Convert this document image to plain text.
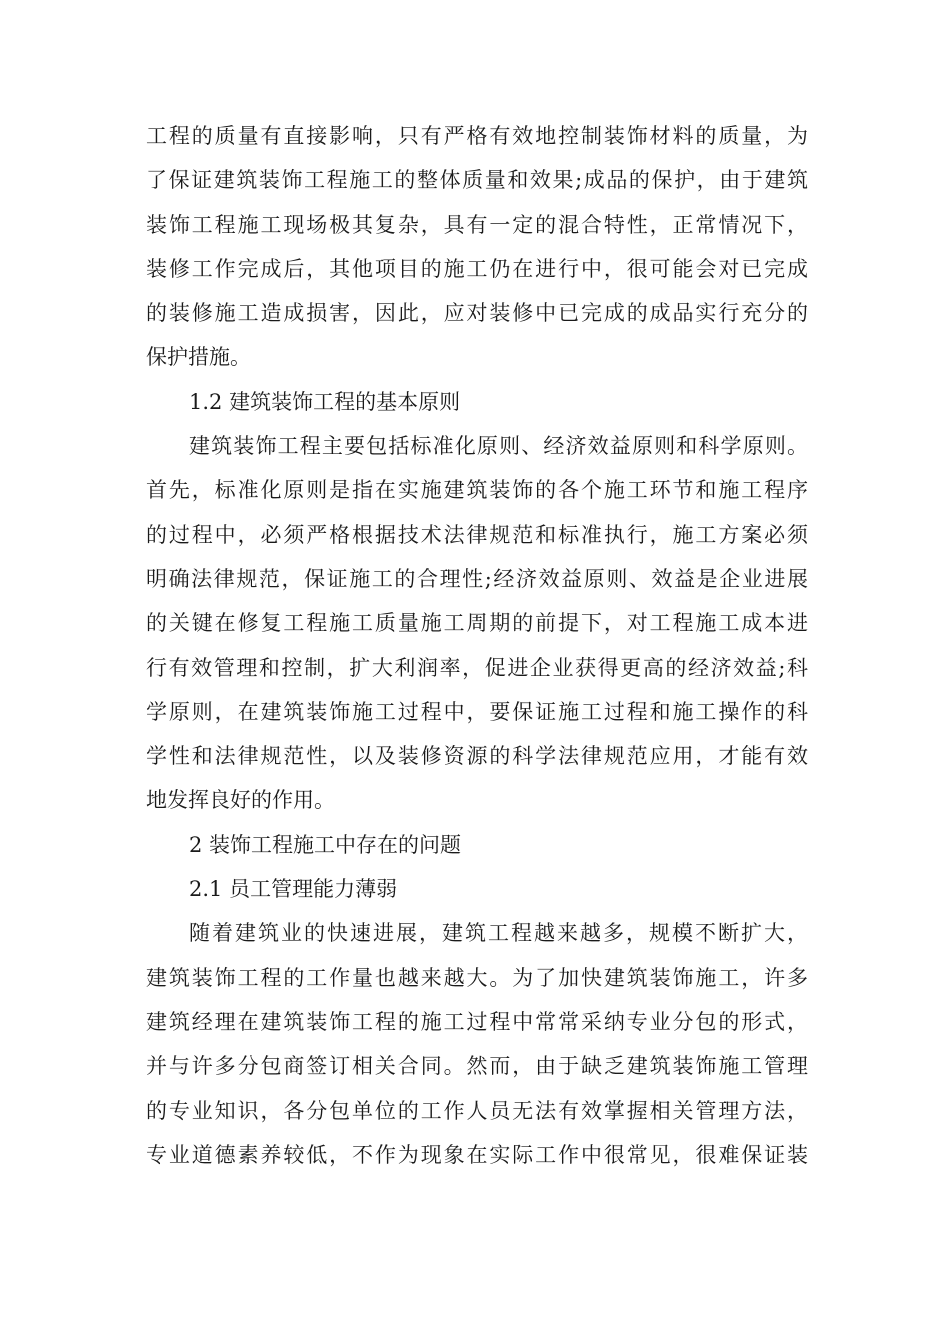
工程的质量有直接影响，只有严格有效地控制装饰材料的质量，为
了保证建筑装饰工程施工的整体质量和效果;成品的保护，由于建筑
装饰工程施工现场极其复杂，具有一定的混合特性，正常情况下，
装修工作完成后，其他项目的施工仍在进行中，很可能会对已完成
的装修施工造成损害，因此，应对装修中已完成的成品实行充分的
保护措施。
1.2 建筑装饰工程的基本原则
建筑装饰工程主要包括标准化原则、经济效益原则和科学原则。
首先，标准化原则是指在实施建筑装饰的各个施工环节和施工程序
的过程中，必须严格根据技术法律规范和标准执行，施工方案必须
明确法律规范，保证施工的合理性;经济效益原则、效益是企业进展
的关键在修复工程施工质量施工周期的前提下，对工程施工成本进
行有效管理和控制，扩大利润率，促进企业获得更高的经济效益;科
学原则，在建筑装饰施工过程中，要保证施工过程和施工操作的科
学性和法律规范性，以及装修资源的科学法律规范应用，才能有效
地发挥良好的作用。
2 装饰工程施工中存在的问题
2.1 员工管理能力薄弱
随着建筑业的快速进展，建筑工程越来越多，规模不断扩大，
建筑装饰工程的工作量也越来越大。为了加快建筑装饰施工，许多
建筑经理在建筑装饰工程的施工过程中常常采纳专业分包的形式，
并与许多分包商签订相关合同。然而，由于缺乏建筑装饰施工管理
的专业知识，各分包单位的工作人员无法有效掌握相关管理方法，
专业道德素养较低，不作为现象在实际工作中很常见，很难保证装
